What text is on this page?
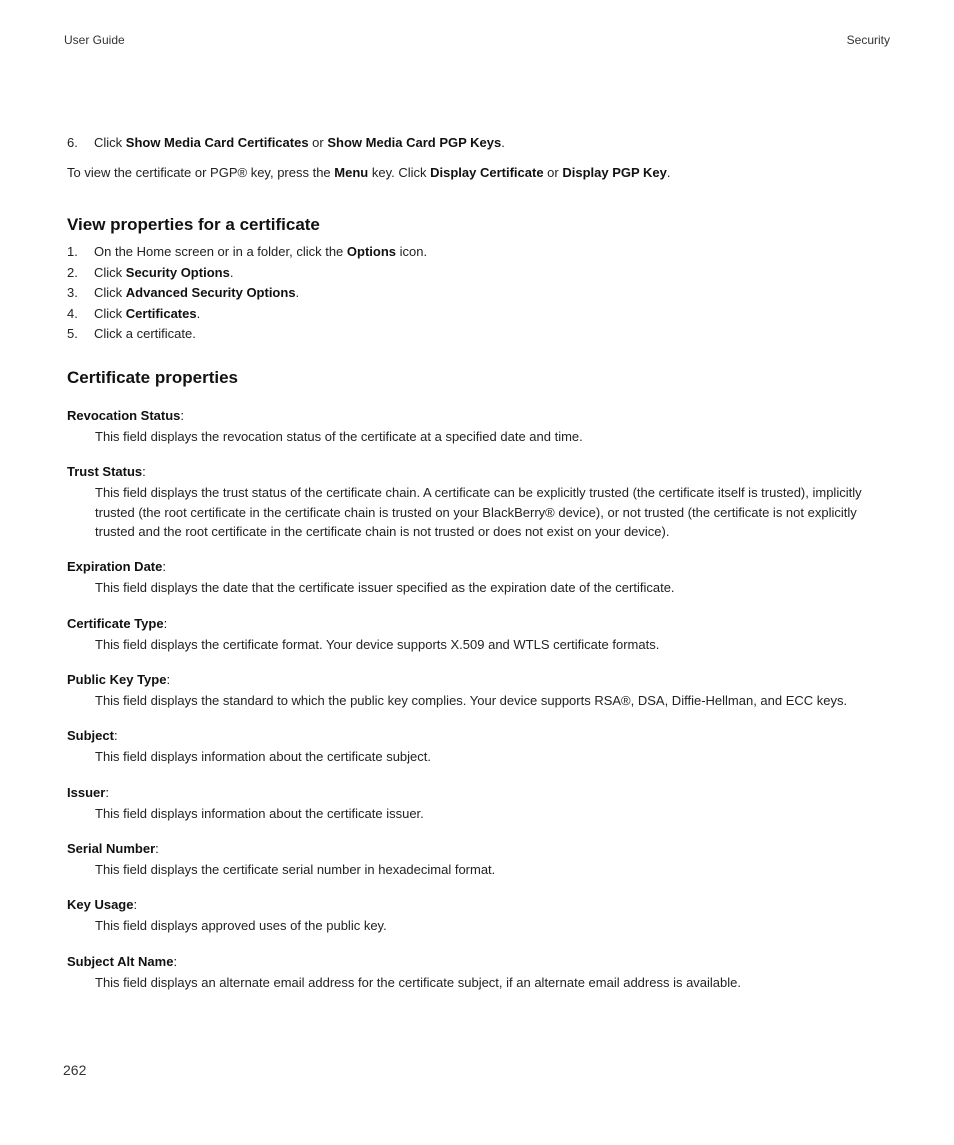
User Guide	Security
6.	Click Show Media Card Certificates or Show Media Card PGP Keys.

To view the certificate or PGP® key, press the Menu key. Click Display Certificate or Display PGP Key.

View properties for a certificate
1.	On the Home screen or in a folder, click the Options icon.
2.	Click Security Options.
3.	Click Advanced Security Options.
4.	Click Certificates.
5.	Click a certificate.
Certificate properties
Revocation Status:

This field displays the revocation status of the certificate at a specified date and time.

Trust Status:

This field displays the trust status of the certificate chain. A certificate can be explicitly trusted (the certificate itself is trusted), implicitly trusted (the root certificate in the certificate chain is trusted on your BlackBerry® device), or not trusted (the certificate is not explicitly trusted and the root certificate in the certificate chain is not trusted or does not exist on your device).

Expiration Date:

This field displays the date that the certificate issuer specified as the expiration date of the certificate.

Certificate Type:

This field displays the certificate format. Your device supports X.509 and WTLS certificate formats.

Public Key Type:

This field displays the standard to which the public key complies. Your device supports RSA®, DSA, Diffie-Hellman, and ECC keys.

Subject:

This field displays information about the certificate subject.

Issuer:

This field displays information about the certificate issuer.

Serial Number:

This field displays the certificate serial number in hexadecimal format.

Key Usage:

This field displays approved uses of the public key.

Subject Alt Name:

This field displays an alternate email address for the certificate subject, if an alternate email address is available.

262
